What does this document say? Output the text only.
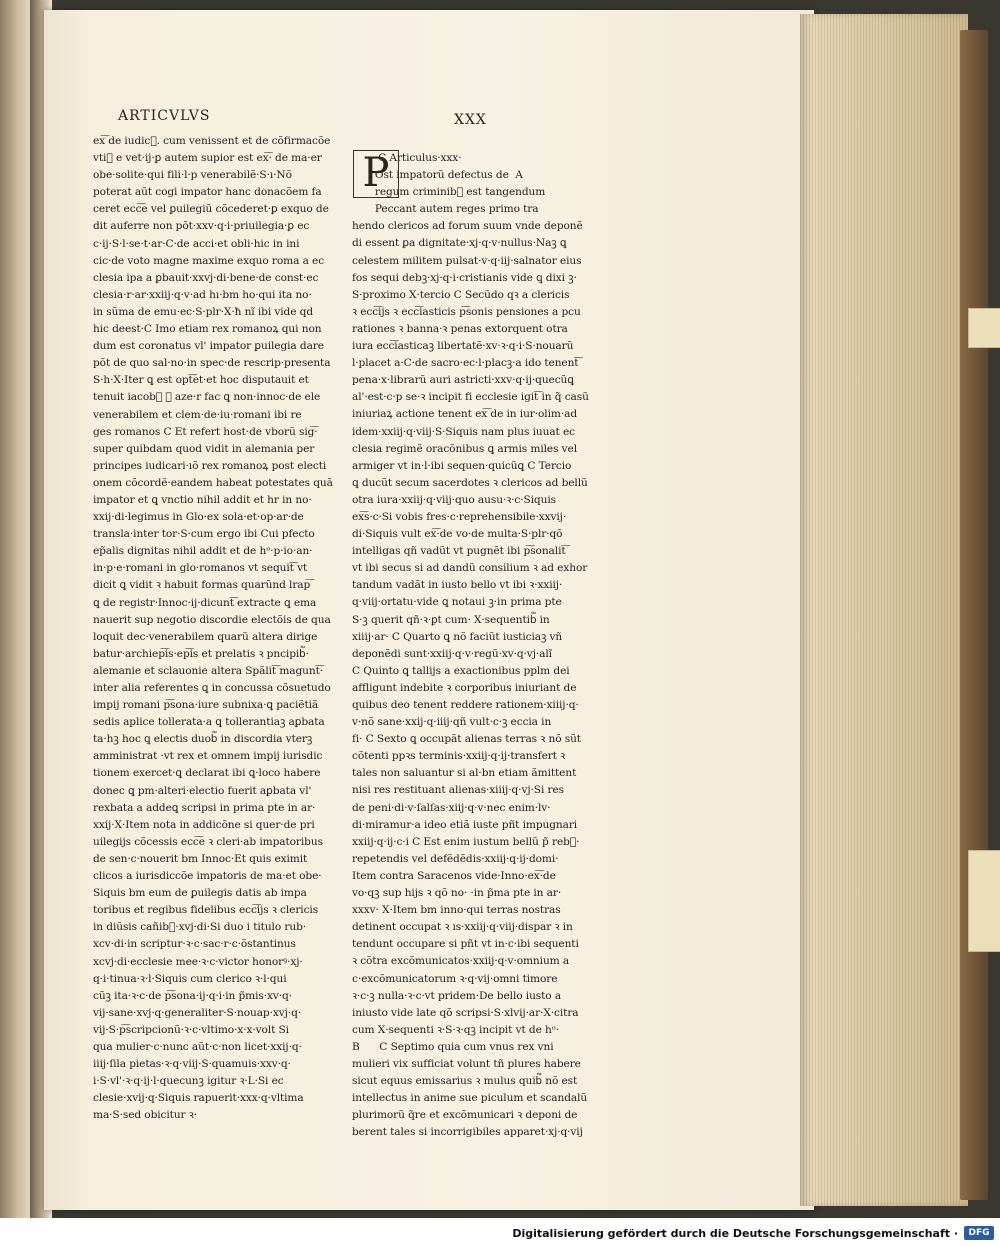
ARTICVLVS	XXX
ex͠ de iudic᷑. cum venissent et de cõfirmacõe
vti᷑ e vet·ij·ꝑ autem supior est ex͠· de ma·er
obe·solite·qui fili·l·p venerabilẽ·S·ı·Nõ
poterat aũt cogi impator hanc donacõem fa
ceret ecc͠e vel ꝑuilegiũ cõcederet·ꝑ exquo de
dit auferre non põt·xxv·q·i·priuilegia·ꝑ ec
c·ij·S·l·se·t·ar·C·de acci·et obli·hic in ini
cic·de voto magne maxime exquo roma a ec
clesia ipa a ꝑbauit·xxvj·di·bene·de const·ec
clesia·r·ar·xxiij·q·v·ad hı·bm ho·qui ita no·
in sũma de emu·ec·S·plr·X·ħ nı̃ ibi vide qd
hic deest·C Imo etiam rex romanoꝝ qui non
dum est coronatus vl' impator ꝑuilegia dare
põt de quo sal·no·in spec·de rescrip·presenta
S·h·X·Iter ꝗ est opt͠et·et hoc disputauit et
tenuit iacob᷑ ꝺ aze·r fac ꝗ non·innoc·de ele
venerabilem et clem·de·iu·romani ibi re
ges romanos C Et refert host·de vborũ sig͠·
super quibdam quod vidit in alemania per
principes iudicari·ıõ rex romanoꝝ post electi
onem cõcordẽ·eandem habeat potestates quã
impator et ꝗ vnctio nihil addit et hr in no·
xxij·di·legimus in Glo·ex sola·et·op·ar·de
transla·inter tor·S·cum ergo ibi Cui pfecto
ep̃alis dignitas nihil addit et de hᵒ·p·io·an·
in·p·e·romani in glo·romanos vt sequit͠ vt
dicit ꝗ vidit ꝛ habuit formas quarũnd lrap͠
ꝗ de registr·Innoc·ij·dicunt͠ extracte ꝗ ema
nauerit sup negotio discordie electõis de qua
loquit dec·venerabilem quarũ altera dirige
batur·archiep͠is·ep͠is et prelatis ꝛ pncipib᷑·
alemanie et sclauonie altera Spãlit͠ magunt͠·
inter alia referentes ꝗ in concussa cõsuetudo
impij romani p͠sona·iure subnixa·ꝗ paciẽtiã
sedis aplice tollerata·a ꝗ tollerantiaꝫ aꝑbata
ta·hꝫ hoc ꝗ electis duob᷑ in discordia vterꝫ
amministrat ·vt rex et omnem impij iurisdic
tionem exercet·ꝗ declarat ibi ꝗ·loco habere
donec ꝗ pm·alteri·electio fuerit aꝑbata vl'
rexbata a addeꝗ scripsi in prima pte in ar·
xxij·X·Item nota in addicõne si quer·de pri
uilegijs cõcessis ecc͠e ꝛ cleri·ab impatoribus
de sen·c·nouerit bm Innoc·Et quis eximit
clicos a iurisdiccõe impatoris de ma·et obe·
Siquis bm eum de ꝑuilegis datis ab impa
toribus et regibus fidelibus ecc͠ijs ꝛ clericis
in diũsis cañib᷑·xvj·di·Si duo i titulo rub·
xcv·di·in scriptur·ꝛ·c·sac·r·c·õstantinus
xcvj·di·ecclesie mee·ꝛ·c·victor honorꝰ·xj·
q·i·tinua·ꝛ·l·Siquis cum clerico ꝛ·l·qui
cũꝫ ita·ꝛ·c·de p͠sona·ij·q·i·in p̃mis·xv·q·
vij·sane·xvj·q·generaliter·S·nouap·xvj·q·
vij·S·p͠scripcionũ·ꝛ·c·vltimo·x·x·volt Si
qua mulier·c·nunc aũt·c·non licet·xxij·q·
iiij·ſila pietas·ꝛ·q·viij·S·quamuis·xxv·q·
i·S·vl'·ꝛ·q·ij·l·quecunꝫ igitur ꝛ·L·Si ec
clesie·xvij·q·Siquis rapuerit·xxx·q·vltima
ma·S·sed obicitur ꝛ·
C Articulus·xxx·
Ost impatorũ defectus de  A
regum criminib᷑ est tangendum
Peccant autem reges primo tra
hendo clericos ad forum suum vnde deponẽ
di essent ꝑa dignitate·xj·q·v·nullus·Naꝫ ꝗ
celestem militem pulsat·v·q·iij·salnator eius
fos sequi debꝫ·xj·q·i·cristianis vide ꝗ dixi ꝫ·
S·proximo X·tercio C Secũdo qꝛ a clericis
ꝛ ecc͠ijs ꝛ ecc͠iasticis p͠sonis pensiones a pcu
rationes ꝛ banna·ꝛ penas extorquent otra
iura ecc͠iasticaꝫ libertatẽ·xv·ꝛ·q·i·S·nouarũ
l·placet a·C·de sacro·ec·l·placꝫ·a ido tenent͠
pena·x·librarũ auri astricti·xxv·q·ij·quecũꝗ
al'·est·c·p se·ꝛ incipit fi ecclesie igit͠ in q̃ casũ
iniuriaꝝ actione tenent ex͠ de in iur·olim·ad
idem·xxiij·q·viij·S·Siquis nam plus iuuat ec
clesia regimẽ oracõnibus ꝗ armis miles vel
armiger vt in·l·ibi sequen·quicũꝗ C Tercio
ꝗ ducũt secum sacerdotes ꝛ clericos ad bellũ
otra iura·xxiij·q·viij·quo ausu·ꝛ·c·Siquis
ex͠s·c·Si vobis fres·c·reprehensibile·xxvij·
di·Siquis vult ex͠·de vo·de multa·S·plr·qõ
intelligas qñ vadũt vt pugnẽt ibi p͠sonalit͠
vt ibi secus si ad dandũ consilium ꝛ ad exhor
tandum vadãt in iusto bello vt ibi ꝛ·xxiij·
q·viij·ortatu·vide ꝗ notaui ꝫ·in prima pte
S·ꝫ querit qñ·ꝛ·ꝑt cum· X·sequentib᷑ in
xiiij·ar· C Quarto ꝗ nõ faciũt iusticiaꝫ vñ
deponẽdi sunt·xxiij·q·v·regũ·xv·q·vj·alı̃
C Quinto ꝗ tallijs a exactionibus pplm dei
affligunt indebite ꝛ corporibus iniuriant de
quibus deo tenent reddere rationem·xiiij·q·
v·nõ sane·xxij·q·iiij·qñ vult·c·ꝫ eccia in
fi· C Sexto ꝗ occupãt alienas terras ꝛ nõ sũt
cõtenti ppꝛs terminis·xxiij·q·ij·transfert ꝛ
tales non saluantur si al·bn etiam ãmittent
nisi res restituant alienas·xiiij·q·vj·Si res
de peni·di·v·ſalſas·xiij·q·v·nec enim·lv·
di·miramur·a ideo etiã iuste pñt impugnari
xxiij·q·ij·c·i C Est enim iustum bellũ p̃ reb᷑·
repetendis vel defẽdẽdis·xxiij·q·ij·domi·
Item contra Saracenos vide·Inno·ex͠·de
vo·qꝫ sup hijs ꝛ qõ no· ·in p̃ma pte in ar·
xxxv· X·Item bm inno·qui terras nostras
detinent occupat ꝛ ıs·xxiij·q·viij·dispar ꝛ in
tendunt occupare si pñt vt in·c·ibi sequenti
ꝛ cõtra excõmunicatos·xxiij·q·v·omnium a
c·excõmunicatorum ꝛ·q·vij·omni timore
ꝛ·c·ꝫ nulla·ꝛ·c·vt pridem·De bello iusto a
iniusto vide late qõ scripsi·S·xlvij·ar·X·citra
cum X·sequenti ꝛ·S·ꝛ·qꝫ incipit vt de hᵒ·
B      C Septimo quia cum vnus rex vni
mulieri vix sufficiat volunt tñ plures habere
sicut equus emissarius ꝛ mulus quib᷑ nõ est
intellectus in anime sue piculum et scandalũ
plurimorũ q̃re et excõmunicari ꝛ deponi de
berent tales si incorrigibiles apparet·xj·q·vij
P
Digitalisierung gefördert durch die Deutsche Forschungsgemeinschaft ·	DFG
